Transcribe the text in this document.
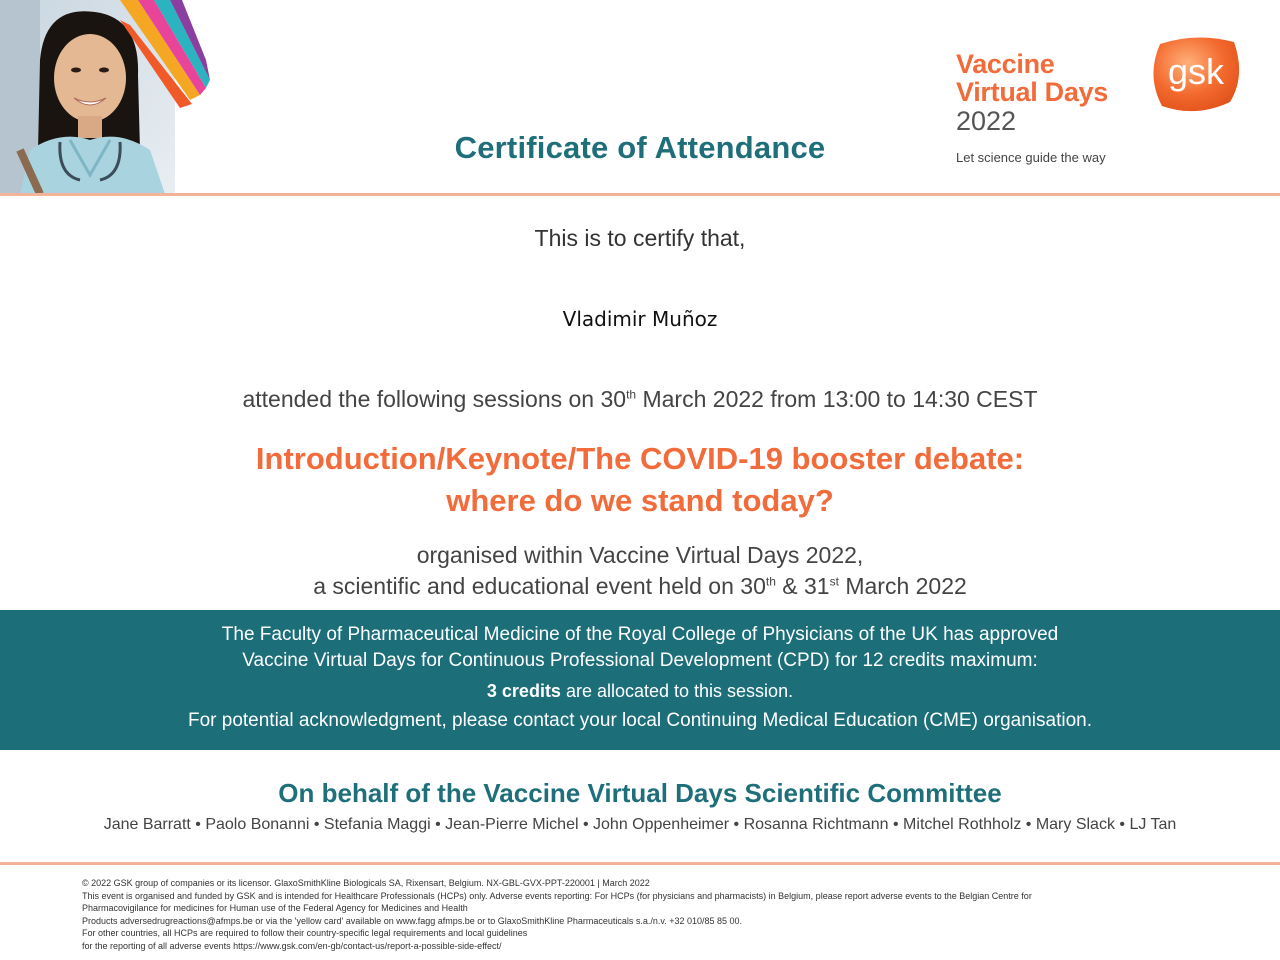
Certificate of Attendance
Vaccine
Virtual Days
2022
Let science guide the way
gsk
This is to certify that,
Vladimir Muñoz
attended the following sessions on 30th March 2022 from 13:00 to 14:30 CEST
Introduction/Keynote/The COVID-19 booster debate:
where do we stand today?
organised within Vaccine Virtual Days 2022,
a scientific and educational event held on 30th & 31st March 2022
The Faculty of Pharmaceutical Medicine of the Royal College of Physicians of the UK has approved
Vaccine Virtual Days for Continuous Professional Development (CPD) for 12 credits maximum:
3 credits are allocated to this session.
For potential acknowledgment, please contact your local Continuing Medical Education (CME) organisation.
On behalf of the Vaccine Virtual Days Scientific Committee
Jane Barratt • Paolo Bonanni • Stefania Maggi • Jean-Pierre Michel • John Oppenheimer • Rosanna Richtmann • Mitchel Rothholz • Mary Slack • LJ Tan
© 2022 GSK group of companies or its licensor. GlaxoSmithKline Biologicals SA, Rixensart, Belgium. NX-GBL-GVX-PPT-220001 | March 2022
This event is organised and funded by GSK and is intended for Healthcare Professionals (HCPs) only. Adverse events reporting: For HCPs (for physicians and pharmacists) in Belgium, please report adverse events to the Belgian Centre for
Pharmacovigilance for medicines for Human use of the Federal Agency for Medicines and Health
Products adversedrugreactions@afmps.be or via the 'yellow card' available on www.fagg afmps.be or to GlaxoSmithKline Pharmaceuticals s.a./n.v. +32 010/85 85 00.
For other countries, all HCPs are required to follow their country-specific legal requirements and local guidelines
for the reporting of all adverse events https://www.gsk.com/en-gb/contact-us/report-a-possible-side-effect/
